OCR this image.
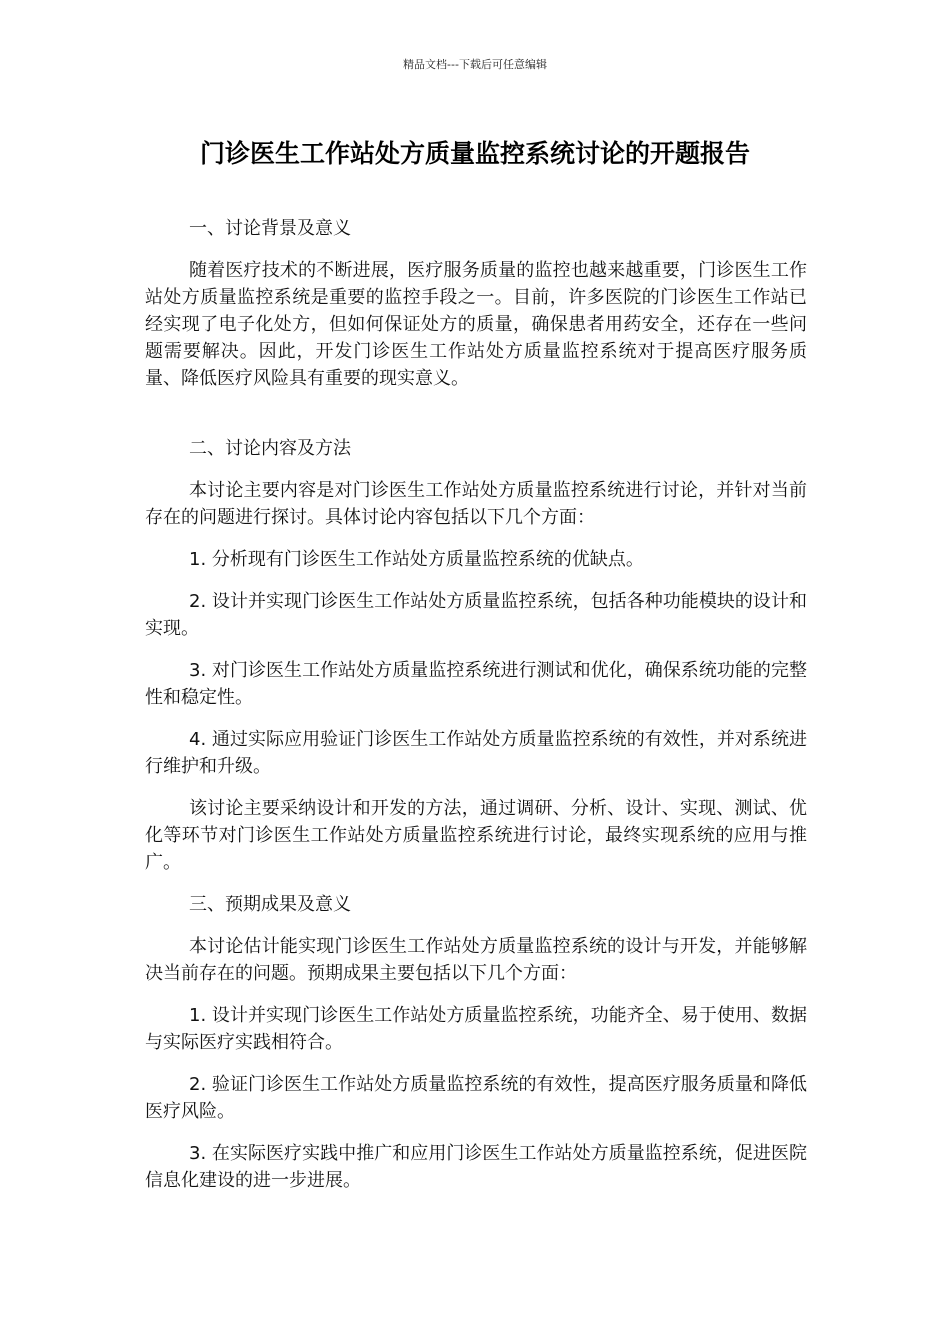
精品文档---下载后可任意编辑
门诊医生工作站处方质量监控系统讨论的开题报告

一、讨论背景及意义

随着医疗技术的不断进展，医疗服务质量的监控也越来越重要，门诊医生工作站处方质量监控系统是重要的监控手段之一。目前，许多医院的门诊医生工作站已经实现了电子化处方，但如何保证处方的质量，确保患者用药安全，还存在一些问题需要解决。因此，开发门诊医生工作站处方质量监控系统对于提高医疗服务质量、降低医疗风险具有重要的现实意义。

二、讨论内容及方法

本讨论主要内容是对门诊医生工作站处方质量监控系统进行讨论，并针对当前存在的问题进行探讨。具体讨论内容包括以下几个方面：

1. 分析现有门诊医生工作站处方质量监控系统的优缺点。

2. 设计并实现门诊医生工作站处方质量监控系统，包括各种功能模块的设计和实现。

3. 对门诊医生工作站处方质量监控系统进行测试和优化，确保系统功能的完整性和稳定性。

4. 通过实际应用验证门诊医生工作站处方质量监控系统的有效性，并对系统进行维护和升级。

该讨论主要采纳设计和开发的方法，通过调研、分析、设计、实现、测试、优化等环节对门诊医生工作站处方质量监控系统进行讨论，最终实现系统的应用与推广。

三、预期成果及意义

本讨论估计能实现门诊医生工作站处方质量监控系统的设计与开发，并能够解决当前存在的问题。预期成果主要包括以下几个方面：

1. 设计并实现门诊医生工作站处方质量监控系统，功能齐全、易于使用、数据与实际医疗实践相符合。

2. 验证门诊医生工作站处方质量监控系统的有效性，提高医疗服务质量和降低医疗风险。

3. 在实际医疗实践中推广和应用门诊医生工作站处方质量监控系统，促进医院信息化建设的进一步进展。
